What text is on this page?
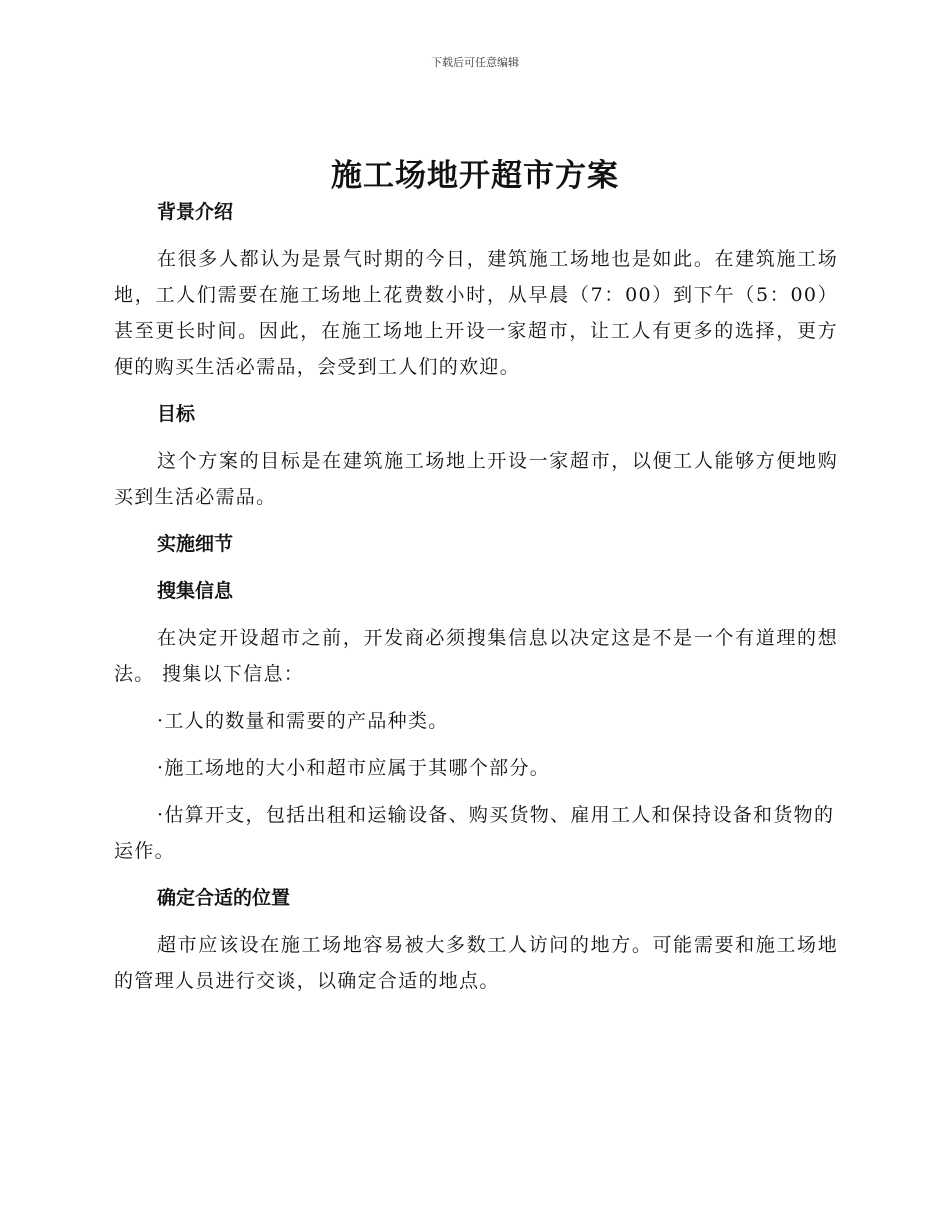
下载后可任意编辑
施工场地开超市方案
背景介绍

在很多人都认为是景气时期的今日，建筑施工场地也是如此。在建筑施工场地，工人们需要在施工场地上花费数小时，从早晨（7：00）到下午（5：00）甚至更长时间。因此，在施工场地上开设一家超市，让工人有更多的选择，更方便的购买生活必需品，会受到工人们的欢迎。

目标

这个方案的目标是在建筑施工场地上开设一家超市，以便工人能够方便地购买到生活必需品。

实施细节
搜集信息

在决定开设超市之前，开发商必须搜集信息以决定这是不是一个有道理的想法。 搜集以下信息：

·工人的数量和需要的产品种类。

·施工场地的大小和超市应属于其哪个部分。

·估算开支，包括出租和运输设备、购买货物、雇用工人和保持设备和货物的运作。

确定合适的位置

超市应该设在施工场地容易被大多数工人访问的地方。可能需要和施工场地的管理人员进行交谈，以确定合适的地点。
